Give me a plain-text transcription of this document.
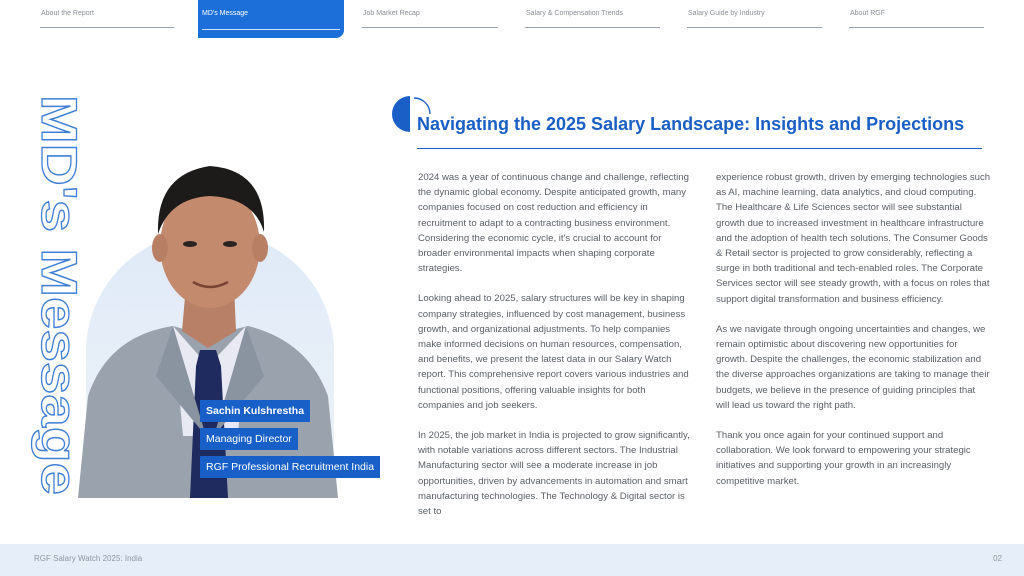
About the Report	MD's Message	Job Market Recap	Salary & Compensation Trends	Salary Guide by Industry	About RGF
MD's Message	Sachin Kulshrestha
Managing Director
RGF Professional Recruitment India
Navigating the 2025 Salary Landscape: Insights and Projections

2024 was a year of continuous change and challenge, reflecting the dynamic global economy. Despite anticipated growth, many companies focused on cost reduction and efficiency in recruitment to adapt to a contracting business environment. Considering the economic cycle, it's crucial to account for broader environmental impacts when shaping corporate strategies.

Looking ahead to 2025, salary structures will be key in shaping company strategies, influenced by cost management, business growth, and organizational adjustments. To help companies make informed decisions on human resources, compensation, and benefits, we present the latest data in our Salary Watch report. This comprehensive report covers various industries and functional positions, offering valuable insights for both companies and job seekers.

In 2025, the job market in India is projected to grow significantly, with notable variations across different sectors. The Industrial Manufacturing sector will see a moderate increase in job opportunities, driven by advancements in automation and smart manufacturing technologies. The Technology & Digital sector is set to

experience robust growth, driven by emerging technologies such as AI, machine learning, data analytics, and cloud computing. The Healthcare & Life Sciences sector will see substantial growth due to increased investment in healthcare infrastructure and the adoption of health tech solutions. The Consumer Goods & Retail sector is projected to grow considerably, reflecting a surge in both traditional and tech-enabled roles. The Corporate Services sector will see steady growth, with a focus on roles that support digital transformation and business efficiency.

As we navigate through ongoing uncertainties and changes, we remain optimistic about discovering new opportunities for growth. Despite the challenges, the economic stabilization and the diverse approaches organizations are taking to manage their budgets, we believe in the presence of guiding principles that will lead us toward the right path.

Thank you once again for your continued support and collaboration. We look forward to empowering your strategic initiatives and supporting your growth in an increasingly competitive market.

RGF Salary Watch 2025: India	02
